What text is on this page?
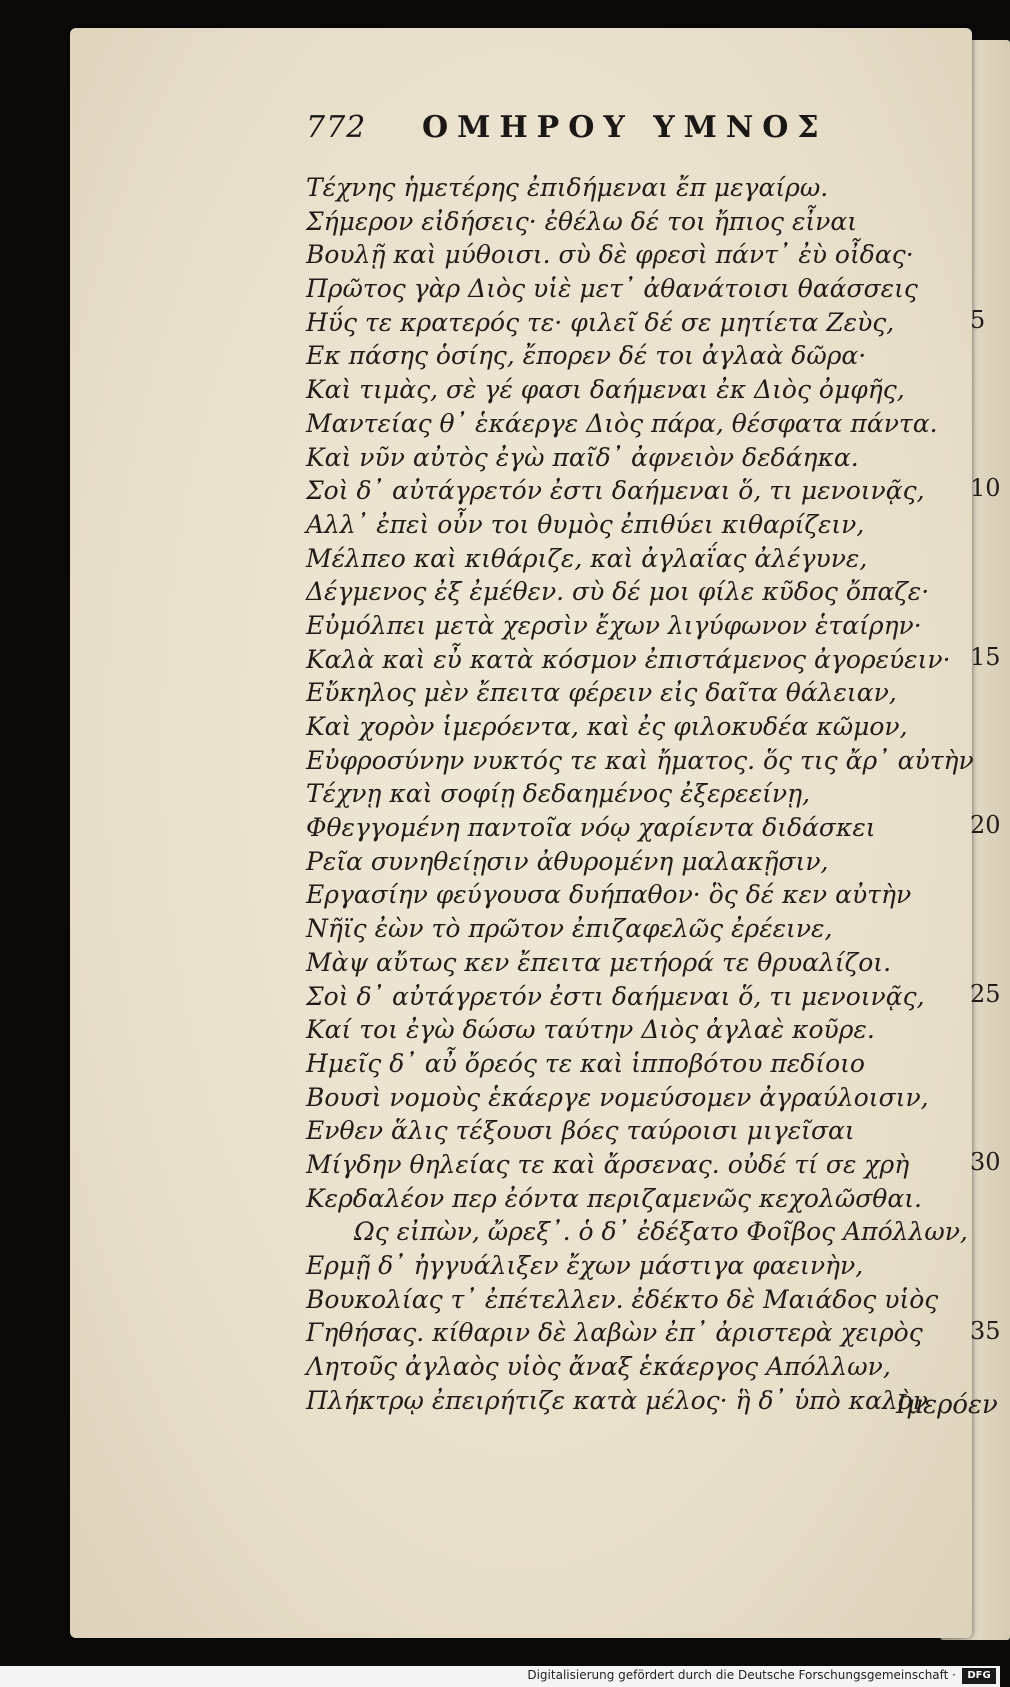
772 ΟΜΗΡΟΥ ΥΜΝΟΣ
Τέχνης ἡμετέρης ἐπιδήμεναι ἔπ μεγαίρω.
Σήμερον εἰδήσεις· ἐθέλω δέ τοι ἤπιος εἶναι
Βουλῇ καὶ μύθοισι. σὺ δὲ φρεσὶ πάντ᾽ ἐὺ οἶδας·
Πρῶτος γὰρ Διὸς υἱὲ μετ᾽ ἀθανάτοισι θαάσσεις
Ηΰς τε κρατερός τε· φιλεῖ δέ σε μητίετα Ζεὺς,
Εκ πάσης ὁσίης, ἔπορεν δέ τοι ἀγλαὰ δῶρα·
Καὶ τιμὰς, σὲ γέ φασι δαήμεναι ἐκ Διὸς ὀμφῆς,
Μαντείας θ᾽ ἑκάεργε Διὸς πάρα, θέσφατα πάντα.
Καὶ νῦν αὐτὸς ἐγὼ παῖδ᾽ ἀφνειὸν δεδάηκα.
Σοὶ δ᾽ αὐτάγρετόν ἐστι δαήμεναι ὅ, τι μενοινᾷς,
Αλλ᾽ ἐπεὶ οὖν τοι θυμὸς ἐπιθύει κιθαρίζειν,
Μέλπεο καὶ κιθάριζε, καὶ ἀγλαΐας ἀλέγυνε,
Δέγμενος ἐξ ἐμέθεν. σὺ δέ μοι φίλε κῦδος ὄπαζε·
Εὐμόλπει μετὰ χερσὶν ἔχων λιγύφωνον ἑταίρην·
Καλὰ καὶ εὖ κατὰ κόσμον ἐπιστάμενος ἀγορεύειν·
Εὔκηλος μὲν ἔπειτα φέρειν εἰς δαῖτα θάλειαν,
Καὶ χορὸν ἱμερόεντα, καὶ ἐς φιλοκυδέα κῶμον,
Εὐφροσύνην νυκτός τε καὶ ἤματος. ὅς τις ἄρ᾽ αὐτὴν
Τέχνῃ καὶ σοφίῃ δεδαημένος ἐξερεείνῃ,
Φθεγγομένη παντοῖα νόῳ χαρίεντα διδάσκει
Ρεῖα συνηθείῃσιν ἀθυρομένη μαλακῇσιν,
Εργασίην φεύγουσα δυήπαθον· ὃς δέ κεν αὐτὴν
Νῆϊς ἐὼν τὸ πρῶτον ἐπιζαφελῶς ἐρέεινε,
Μὰψ αὔτως κεν ἔπειτα μετήορά τε θρυαλίζοι.
Σοὶ δ᾽ αὐτάγρετόν ἐστι δαήμεναι ὅ, τι μενοινᾷς,
Καί τοι ἐγὼ δώσω ταύτην Διὸς ἀγλαὲ κοῦρε.
Ημεῖς δ᾽ αὖ ὄρεός τε καὶ ἱπποβότου πεδίοιο
Βουσὶ νομοὺς ἑκάεργε νομεύσομεν ἀγραύλοισιν,
Ενθεν ἅλις τέξουσι βόες ταύροισι μιγεῖσαι
Μίγδην θηλείας τε καὶ ἄρσενας. οὐδέ τί σε χρὴ
Κερδαλέον περ ἐόντα περιζαμενῶς κεχολῶσθαι.
Ως εἰπὼν, ὤρεξ᾽. ὁ δ᾽ ἐδέξατο Φοῖβος Απόλλων,
Ερμῇ δ᾽ ἠγγυάλιξεν ἔχων μάστιγα φαεινὴν,
Βουκολίας τ᾽ ἐπέτελλεν. ἐδέκτο δὲ Μαιάδος υἱὸς
Γηθήσας. κίθαριν δὲ λαβὼν ἐπ᾽ ἀριστερὰ χειρὸς
Λητοῦς ἀγλαὸς υἱὸς ἄναξ ἑκάεργος Απόλλων,
Πλήκτρῳ ἐπειρήτιζε κατὰ μέλος· ἣ δ᾽ ὑπὸ καλὸν
5
10
15
20
25
30
35
Ιμερόεν
Digitalisierung gefördert durch die Deutsche Forschungsgemeinschaft ·	DFG
